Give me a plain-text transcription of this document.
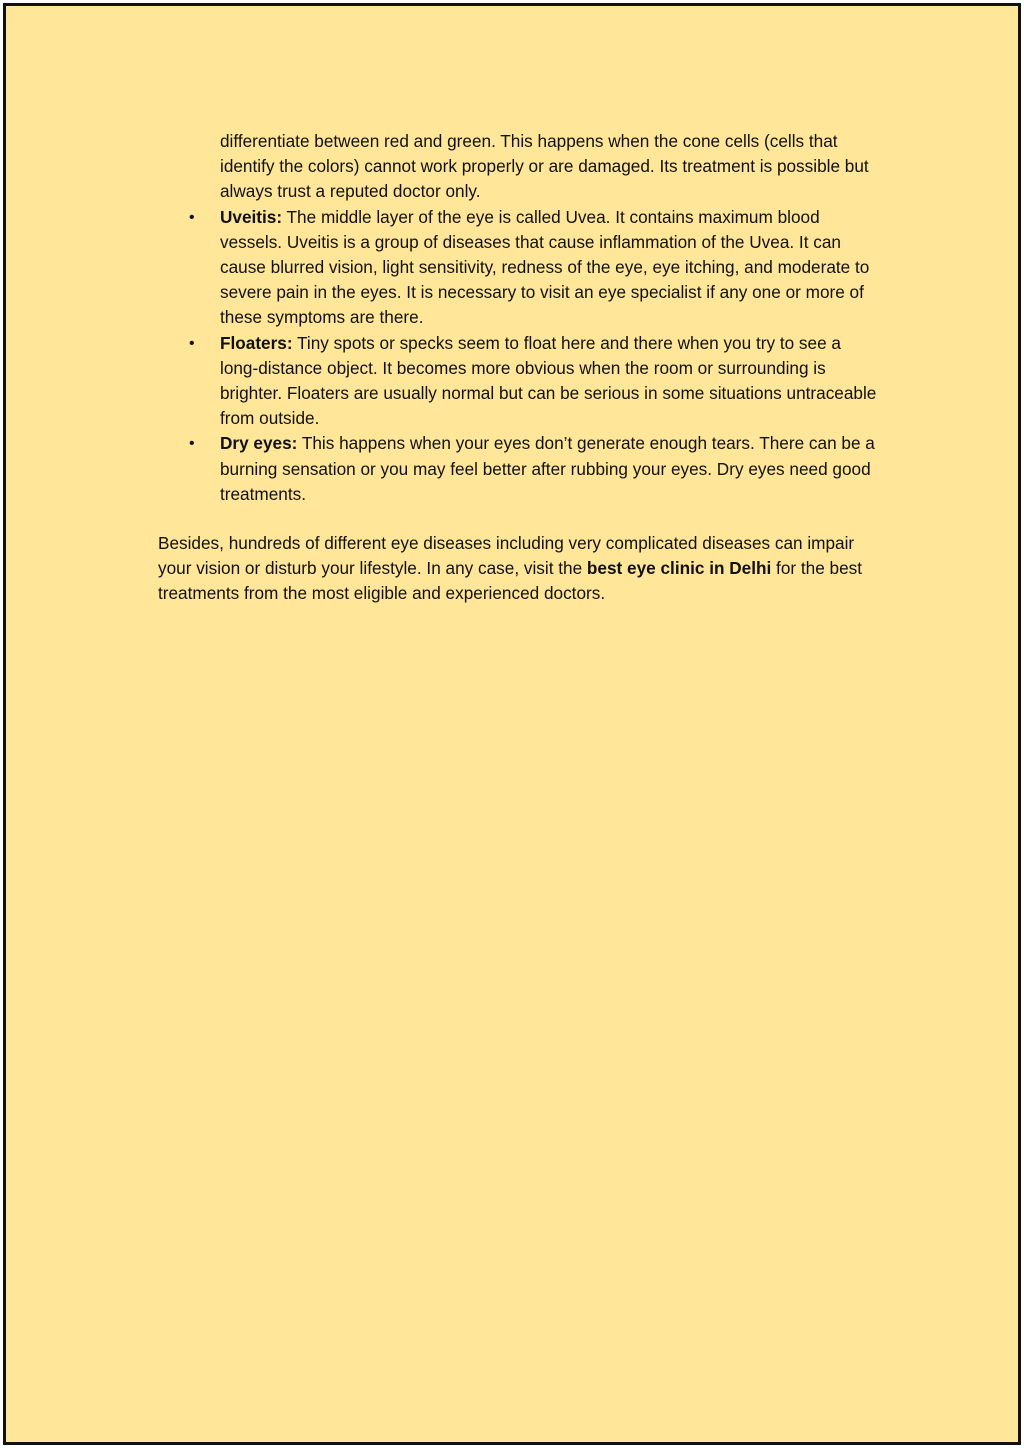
differentiate between red and green. This happens when the cone cells (cells that identify the colors) cannot work properly or are damaged. Its treatment is possible but always trust a reputed doctor only.

• Uveitis: The middle layer of the eye is called Uvea. It contains maximum blood vessels. Uveitis is a group of diseases that cause inflammation of the Uvea. It can cause blurred vision, light sensitivity, redness of the eye, eye itching, and moderate to severe pain in the eyes. It is necessary to visit an eye specialist if any one or more of these symptoms are there.
• Floaters: Tiny spots or specks seem to float here and there when you try to see a long-distance object. It becomes more obvious when the room or surrounding is brighter. Floaters are usually normal but can be serious in some situations untraceable from outside.
• Dry eyes: This happens when your eyes don’t generate enough tears. There can be a burning sensation or you may feel better after rubbing your eyes. Dry eyes need good treatments.

Besides, hundreds of different eye diseases including very complicated diseases can impair your vision or disturb your lifestyle. In any case, visit the best eye clinic in Delhi for the best treatments from the most eligible and experienced doctors.
